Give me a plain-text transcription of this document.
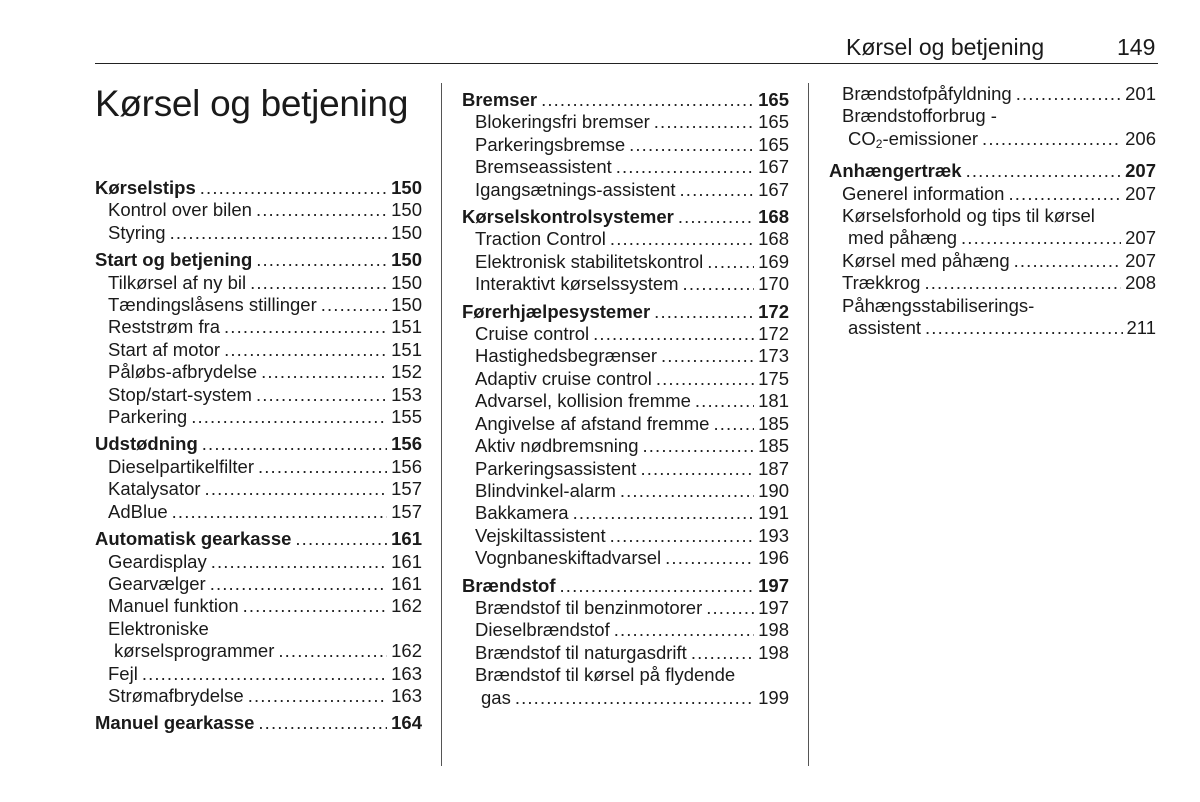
Kørsel og betjening	149
Kørsel og betjening
Kørselstips . . .	150
Kontrol over bilen . . .	150
Styring . . .	150
Start og betjening . . .	150
Tilkørsel af ny bil . . .	150
Tændingslåsens stillinger . . .	150
Reststrøm fra . . .	151
Start af motor . . .	151
Påløbs-afbrydelse . . .	152
Stop/start-system . . .	153
Parkering . . .	155
Udstødning . . .	156
Dieselpartikelfilter . . .	156
Katalysator . . .	157
AdBlue . . .	157
Automatisk gearkasse . . .	161
Geardisplay . . .	161
Gearvælger . . .	161
Manuel funktion . . .	162
Elektroniske
kørselsprogrammer . . .	162
Fejl . . .	163
Strømafbrydelse . . .	163
Manuel gearkasse . . .	164
Bremser . . .	165
Blokeringsfri bremser . . .	165
Parkeringsbremse . . .	165
Bremseassistent . . .	167
Igangsætnings-assistent . . .	167
Kørselskontrolsystemer . . .	168
Traction Control . . .	168
Elektronisk stabilitetskontrol . . .	169
Interaktivt kørselssystem . . .	170
Førerhjælpesystemer . . .	172
Cruise control . . .	172
Hastighedsbegrænser . . .	173
Adaptiv cruise control . . .	175
Advarsel, kollision fremme . . .	181
Angivelse af afstand fremme . . .	185
Aktiv nødbremsning . . .	185
Parkeringsassistent . . .	187
Blindvinkel-alarm . . .	190
Bakkamera . . .	191
Vejskiltassistent . . .	193
Vognbaneskiftadvarsel . . .	196
Brændstof . . .	197
Brændstof til benzinmotorer . . .	197
Dieselbrændstof . . .	198
Brændstof til naturgasdrift . . .	198
Brændstof til kørsel på flydende
gas . . .	199
Brændstofpåfyldning . . .	201
Brændstofforbrug -
$CO_2$-emissioner . . .	206
Anhængertræk . . .	207
Generel information . . .	207
Kørselsforhold og tips til kørsel
med påhæng . . .	207
Kørsel med påhæng . . .	207
Trækkrog . . .	208
Påhængsstabiliserings-
assistent . . .	211
